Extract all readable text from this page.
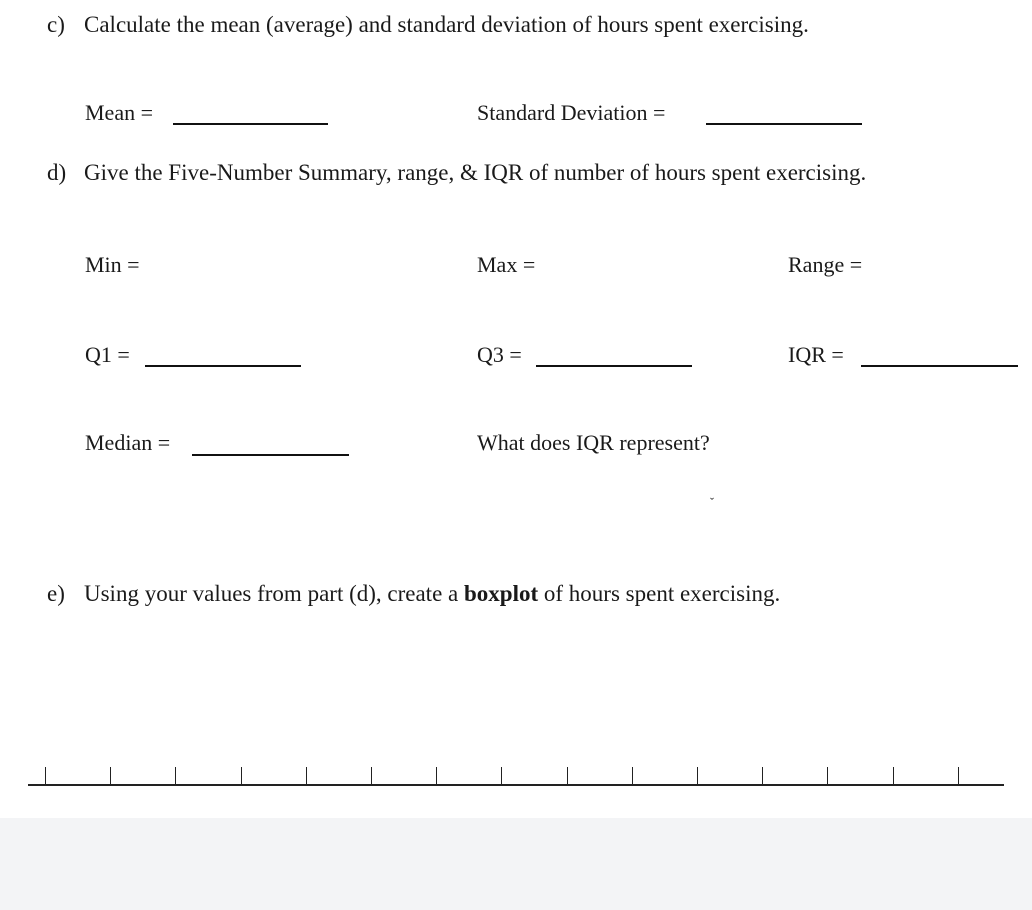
c) Calculate the mean (average) and standard deviation of hours spent exercising.
Mean =	Standard Deviation =
d) Give the Five-Number Summary, range, & IQR of number of hours spent exercising.
Min =	Max =	Range =
Q1 =	Q3 =	IQR =
Median =	What does IQR represent?
ˇ
e) Using your values from part (d), create a boxplot of hours spent exercising.
